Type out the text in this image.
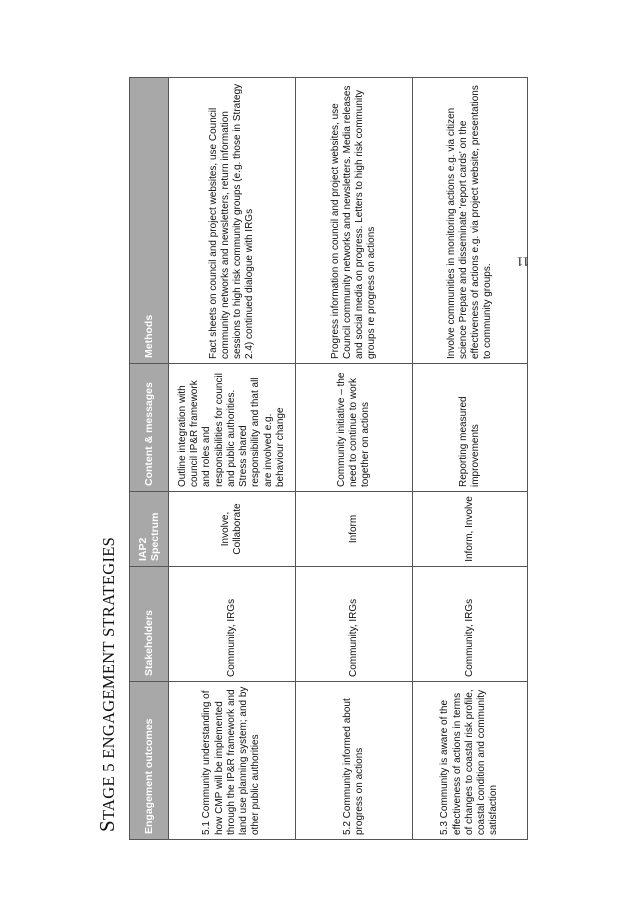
STAGE 5 ENGAGEMENT STRATEGIES	Engagement outcomes	Stakeholders	IAP2 Spectrum	Content & messages	Methods
5.1 Community understanding of how CMP will be implemented through the IP&R framework and land use planning system; and by other public authorities	Community, IRGs	Involve, Collaborate	Outline integration with council IP&R framework and roles and responsibilities for council and public authorities. Stress shared responsibility and that all are involved e.g. behaviour change	Fact sheets on council and project websites, use Council community networks and newsletters, return information sessions to high risk community groups (e.g. those in Strategy 2.4) continued dialogue with IRGs
5.2 Community informed about progress on actions	Community, IRGs	Inform	Community initiative – the need to continue to work together on actions	Progress information on council and project websites, use Council community networks and newsletters. Media releases and social media on progress. Letters to high risk community groups re progress on actions
5.3 Community is aware of the effectiveness of actions in terms of changes to coastal risk profile, coastal condition and community satisfaction	Community, IRGs	Inform, Involve	Reporting measured improvements	Involve communities in monitoring actions e.g. via citizen science Prepare and disseminate 'report cards' on the effectiveness of actions e.g. via project website, presentations to community groups.
11
